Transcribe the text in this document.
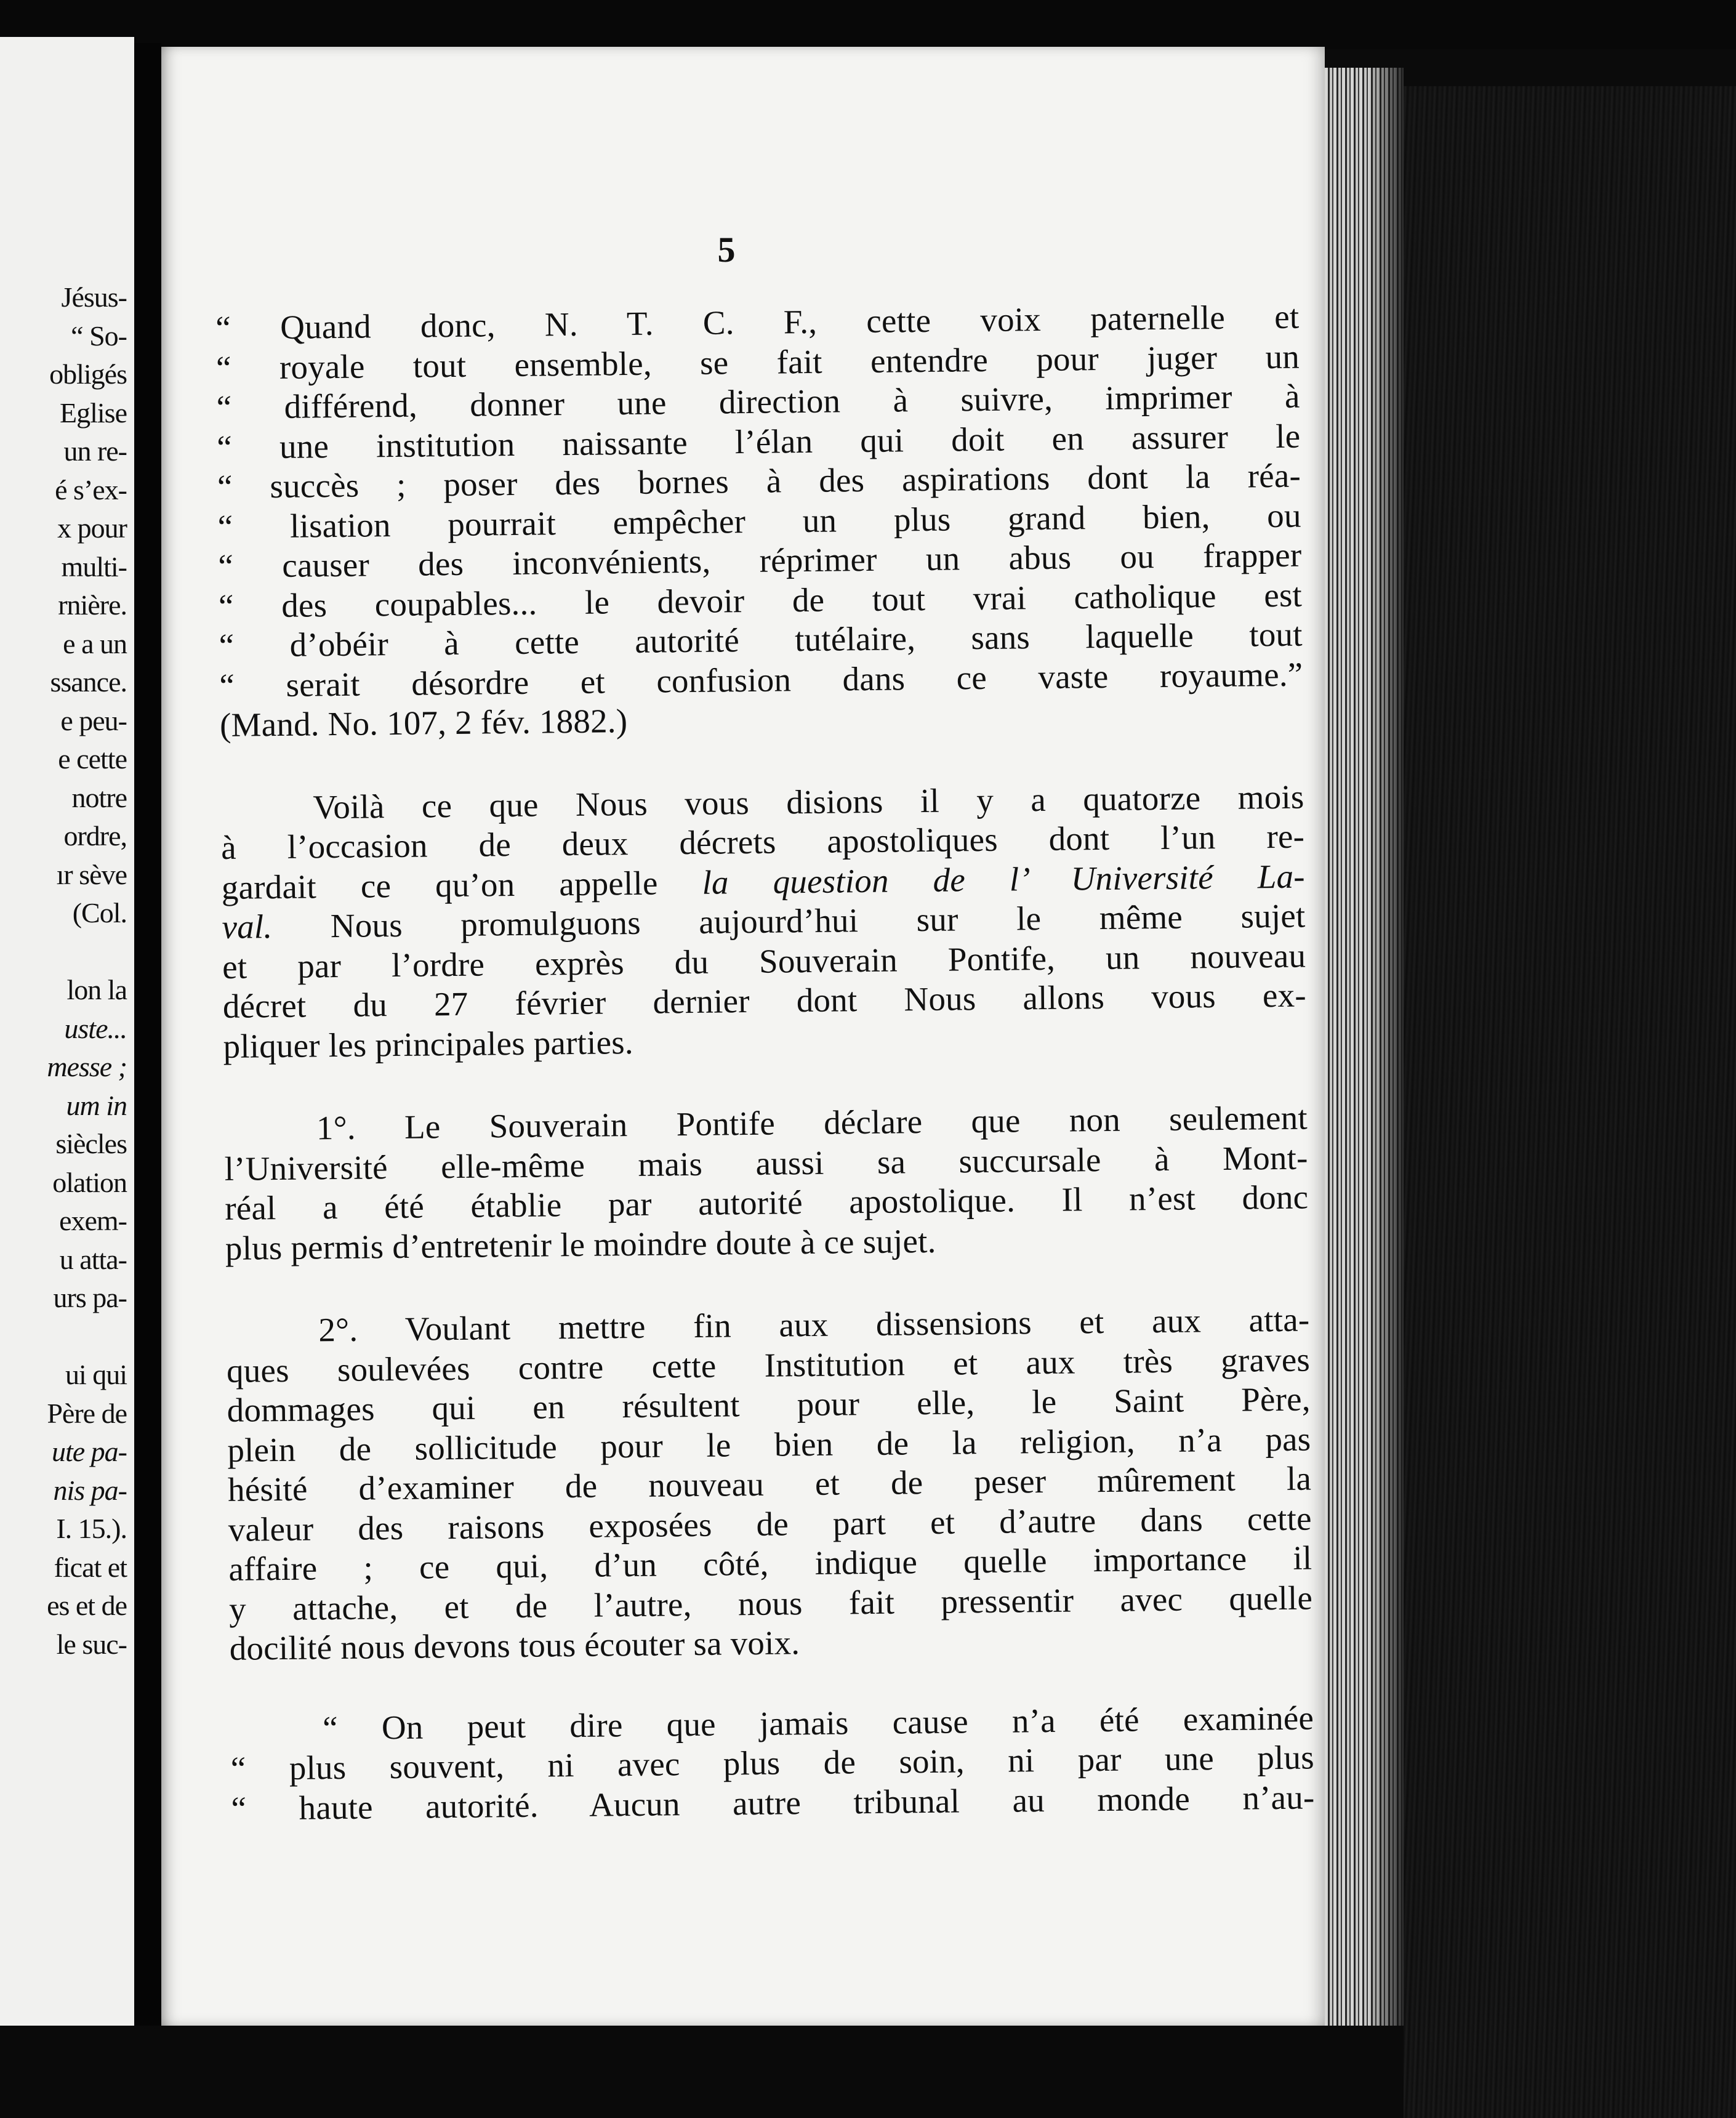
Jésus-
“ So-
obligés
Eglise
un re-
é s’ex-
x pour
multi-
rnière.
e a un
ssance.
e peu-
e cette
notre
ordre,
ır sève
(Col.
lon la
uste...
messe ;
um in
siècles
olation
exem-
u atta-
urs pa-
ui qui
Père de
ute pa-
nis pa-
I. 15.).
ficat et
es et de
le suc-
5
“ Quand donc, N. T. C. F., cette voix paternelle et
“ royale tout ensemble, se fait entendre pour juger un
“ différend, donner une direction à suivre, imprimer à
“ une institution naissante l’élan qui doit en assurer le
“ succès ; poser des bornes à des aspirations dont la réa-
“ lisation pourrait empêcher un plus grand bien, ou
“ causer des inconvénients, réprimer un abus ou frapper
“ des coupables... le devoir de tout vrai catholique est
“ d’obéir à cette autorité tutélaire, sans laquelle tout
“ serait désordre et confusion dans ce vaste royaume.”
(Mand. No. 107, 2 fév. 1882.)
Voilà ce que Nous vous disions il y a quatorze mois
à l’occasion de deux décrets apostoliques dont l’un re-
gardait ce qu’on appelle la question de l’ Université La-
val. Nous promulguons aujourd’hui sur le même sujet
et par l’ordre exprès du Souverain Pontife, un nouveau
décret du 27 février dernier dont Nous allons vous ex-
pliquer les principales parties.
1°. Le Souverain Pontife déclare que non seulement
l’Université elle-même mais aussi sa succursale à Mont-
réal a été établie par autorité apostolique. Il n’est donc
plus permis d’entretenir le moindre doute à ce sujet.
2°. Voulant mettre fin aux dissensions et aux atta-
ques soulevées contre cette Institution et aux très graves
dommages qui en résultent pour elle, le Saint Père,
plein de sollicitude pour le bien de la religion, n’a pas
hésité d’examiner de nouveau et de peser mûrement la
valeur des raisons exposées de part et d’autre dans cette
affaire ; ce qui, d’un côté, indique quelle importance il
y attache, et de l’autre, nous fait pressentir avec quelle
docilité nous devons tous écouter sa voix.
“ On peut dire que jamais cause n’a été examinée
“ plus souvent, ni avec plus de soin, ni par une plus
“ haute autorité. Aucun autre tribunal au monde n’au-
